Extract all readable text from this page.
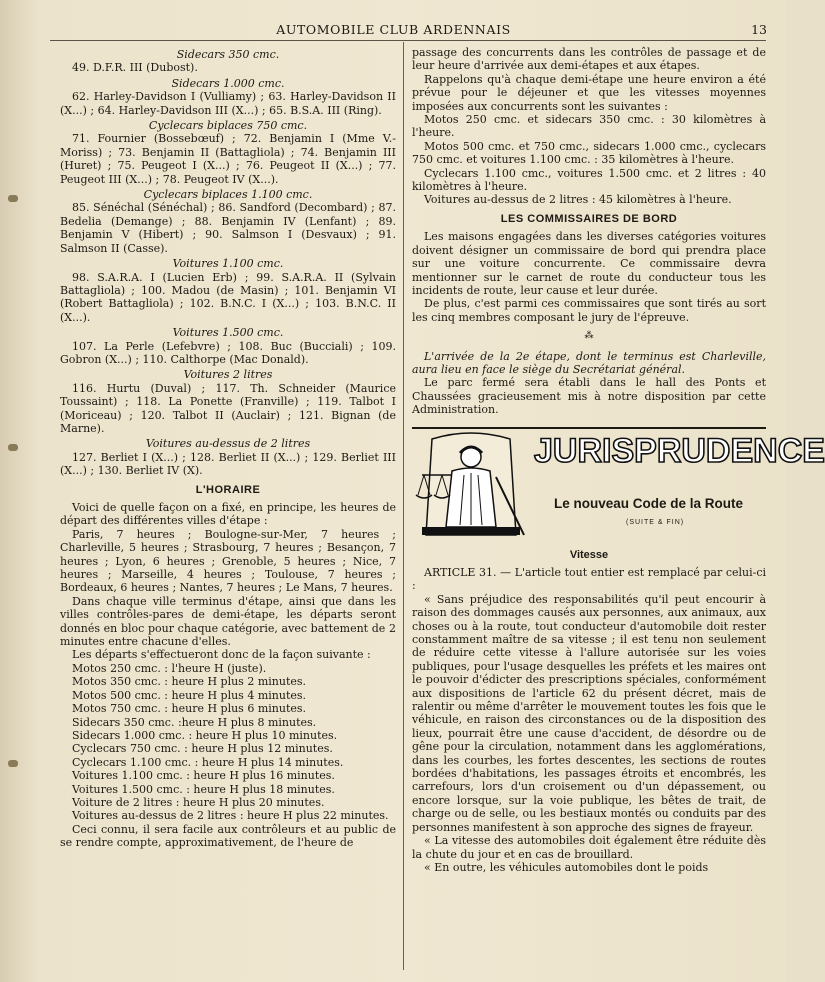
AUTOMOBILE CLUB ARDENNAIS	13
Sidecars 350 cmc.
49. D.F.R. III (Dubost).
Sidecars 1.000 cmc.
62. Harley-Davidson I (Vulliamy) ; 63. Harley-Davidson II (X...) ; 64. Harley-Davidson III (X...) ; 65. B.S.A. III (Ring).
Cyclecars biplaces 750 cmc.
71. Fournier (Bossebœuf) ; 72. Benjamin I (Mme V.-Moriss) ; 73. Benjamin II (Battagliola) ; 74. Benjamin III (Huret) ; 75. Peugeot I (X...) ; 76. Peugeot II (X...) ; 77. Peugeot III (X...) ; 78. Peugeot IV (X...).
Cyclecars biplaces 1.100 cmc.
85. Sénéchal (Sénéchal) ; 86. Sandford (Decombard) ; 87. Bedelia (Demange) ; 88. Benjamin IV (Lenfant) ; 89. Benjamin V (Hibert) ; 90. Salmson I (Desvaux) ; 91. Salmson II (Casse).
Voitures 1.100 cmc.
98. S.A.R.A. I (Lucien Erb) ; 99. S.A.R.A. II (Sylvain Battagliola) ; 100. Madou (de Masin) ; 101. Benjamin VI (Robert Battagliola) ; 102. B.N.C. I (X...) ; 103. B.N.C. II (X...).
Voitures 1.500 cmc.
107. La Perle (Lefebvre) ; 108. Buc (Bucciali) ; 109. Gobron (X...) ; 110. Calthorpe (Mac Donald).
Voitures 2 litres
116. Hurtu (Duval) ; 117. Th. Schneider (Maurice Toussaint) ; 118. La Ponette (Franville) ; 119. Talbot I (Moriceau) ; 120. Talbot II (Auclair) ; 121. Bignan (de Marne).
Voitures au-dessus de 2 litres
127. Berliet I (X...) ; 128. Berliet II (X...) ; 129. Berliet III (X...) ; 130. Berliet IV (X).
L'HORAIRE
Voici de quelle façon on a fixé, en principe, les heures de départ des différentes villes d'étape :
Paris, 7 heures ; Boulogne-sur-Mer, 7 heures ; Charleville, 5 heures ; Strasbourg, 7 heures ; Besançon, 7 heures ; Lyon, 6 heures ; Grenoble, 5 heures ; Nice, 7 heures ; Marseille, 4 heures ; Toulouse, 7 heures ; Bordeaux, 6 heures ; Nantes, 7 heures ; Le Mans, 7 heures.
Dans chaque ville terminus d'étape, ainsi que dans les villes contrôles-pares de demi-étape, les départs seront donnés en bloc pour chaque catégorie, avec battement de 2 minutes entre chacune d'elles.
Les départs s'effectueront donc de la façon suivante :
Motos 250 cmc. : l'heure H (juste).
Motos 350 cmc. : heure H plus 2 minutes.
Motos 500 cmc. : heure H plus 4 minutes.
Motos 750 cmc. : heure H plus 6 minutes.
Sidecars 350 cmc. :heure H plus 8 minutes.
Sidecars 1.000 cmc. : heure H plus 10 minutes.
Cyclecars 750 cmc. : heure H plus 12 minutes.
Cyclecars 1.100 cmc. : heure H plus 14 minutes.
Voitures 1.100 cmc. : heure H plus 16 minutes.
Voitures 1.500 cmc. : heure H plus 18 minutes.
Voiture de 2 litres : heure H plus 20 minutes.
Voitures au-dessus de 2 litres : heure H plus 22 minutes.
Ceci connu, il sera facile aux contrôleurs et au public de se rendre compte, approximativement, de l'heure de
passage des concurrents dans les contrôles de passage et de leur heure d'arrivée aux demi-étapes et aux étapes.
Rappelons qu'à chaque demi-étape une heure environ a été prévue pour le déjeuner et que les vitesses moyennes imposées aux concurrents sont les suivantes :
Motos 250 cmc. et sidecars 350 cmc. : 30 kilomètres à l'heure.
Motos 500 cmc. et 750 cmc., sidecars 1.000 cmc., cyclecars 750 cmc. et voitures 1.100 cmc. : 35 kilomètres à l'heure.
Cyclecars 1.100 cmc., voitures 1.500 cmc. et 2 litres : 40 kilomètres à l'heure.
Voitures au-dessus de 2 litres : 45 kilomètres à l'heure.
LES COMMISSAIRES DE BORD
Les maisons engagées dans les diverses catégories voitures doivent désigner un commissaire de bord qui prendra place sur une voiture concurrente. Ce commissaire devra mentionner sur le carnet de route du conducteur tous les incidents de route, leur cause et leur durée.
De plus, c'est parmi ces commissaires que sont tirés au sort les cinq membres composant le jury de l'épreuve.
⁂
L'arrivée de la 2e étape, dont le terminus est Charleville, aura lieu en face le siège du Secrétariat général.
Le parc fermé sera établi dans le hall des Ponts et Chaussées gracieusement mis à notre disposition par cette Administration.
JURISPRUDENCE
Le nouveau Code de la Route
(SUITE & FIN)
Vitesse
ARTICLE 31. — L'article tout entier est remplacé par celui-ci :
« Sans préjudice des responsabilités qu'il peut encourir à raison des dommages causés aux personnes, aux animaux, aux choses ou à la route, tout conducteur d'automobile doit rester constamment maître de sa vitesse ; il est tenu non seulement de réduire cette vitesse à l'allure autorisée sur les voies publiques, pour l'usage desquelles les préfets et les maires ont le pouvoir d'édicter des prescriptions spéciales, conformément aux dispositions de l'article 62 du présent décret, mais de ralentir ou même d'arrêter le mouvement toutes les fois que le véhicule, en raison des circonstances ou de la disposition des lieux, pourrait être une cause d'accident, de désordre ou de gêne pour la circulation, notamment dans les agglomérations, dans les courbes, les fortes descentes, les sections de routes bordées d'habitations, les passages étroits et encombrés, les carrefours, lors d'un croisement ou d'un dépassement, ou encore lorsque, sur la voie publique, les bêtes de trait, de charge ou de selle, ou les bestiaux montés ou conduits par des personnes manifestent à son approche des signes de frayeur.
« La vitesse des automobiles doit également être réduite dès la chute du jour et en cas de brouillard.
« En outre, les véhicules automobiles dont le poids
